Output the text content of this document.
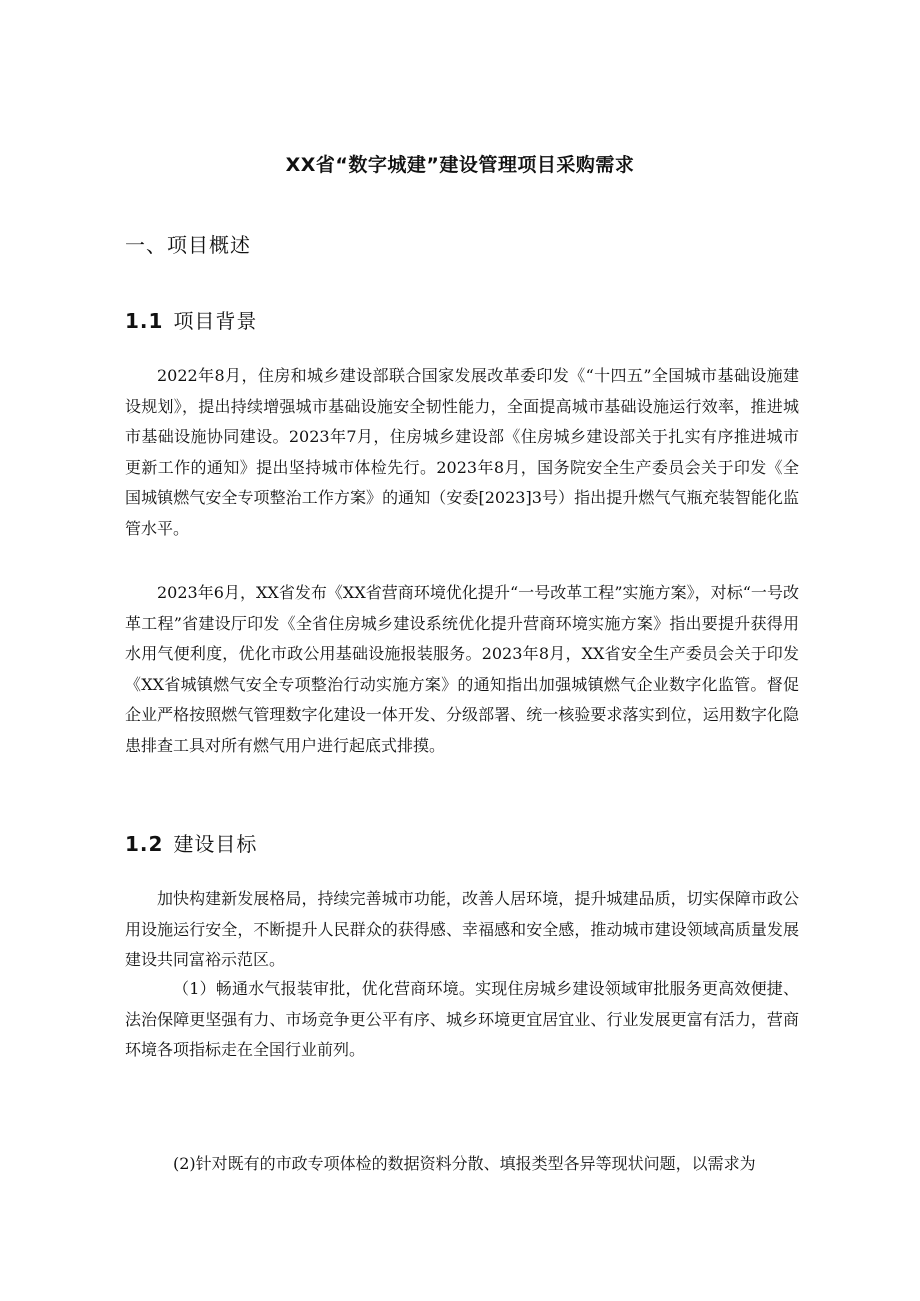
XX省“数字城建”建设管理项目采购需求
一、项目概述
1.1 项目背景

2022年8月，住房和城乡建设部联合国家发展改革委印发《“十四五”全国城市基础设施建设规划》，提出持续增强城市基础设施安全韧性能力，全面提高城市基础设施运行效率，推进城市基础设施协同建设。2023年7月，住房城乡建设部《住房城乡建设部关于扎实有序推进城市更新工作的通知》提出坚持城市体检先行。2023年8月，国务院安全生产委员会关于印发《全国城镇燃气安全专项整治工作方案》的通知（安委[2023]3号）指出提升燃气气瓶充装智能化监管水平。

2023年6月，XX省发布《XX省营商环境优化提升“一号改革工程”实施方案》，对标“一号改革工程”省建设厅印发《全省住房城乡建设系统优化提升营商环境实施方案》指出要提升获得用水用气便利度，优化市政公用基础设施报装服务。2023年8月，XX省安全生产委员会关于印发《XX省城镇燃气安全专项整治行动实施方案》的通知指出加强城镇燃气企业数字化监管。督促企业严格按照燃气管理数字化建设一体开发、分级部署、统一核验要求落实到位，运用数字化隐患排查工具对所有燃气用户进行起底式排摸。

1.2 建设目标

加快构建新发展格局，持续完善城市功能，改善人居环境，提升城建品质，切实保障市政公用设施运行安全，不断提升人民群众的获得感、幸福感和安全感，推动城市建设领域高质量发展建设共同富裕示范区。

（1）畅通水气报装审批，优化营商环境。实现住房城乡建设领域审批服务更高效便捷、法治保障更坚强有力、市场竞争更公平有序、城乡环境更宜居宜业、行业发展更富有活力，营商环境各项指标走在全国行业前列。

(2)针对既有的市政专项体检的数据资料分散、填报类型各异等现状问题，以需求为
